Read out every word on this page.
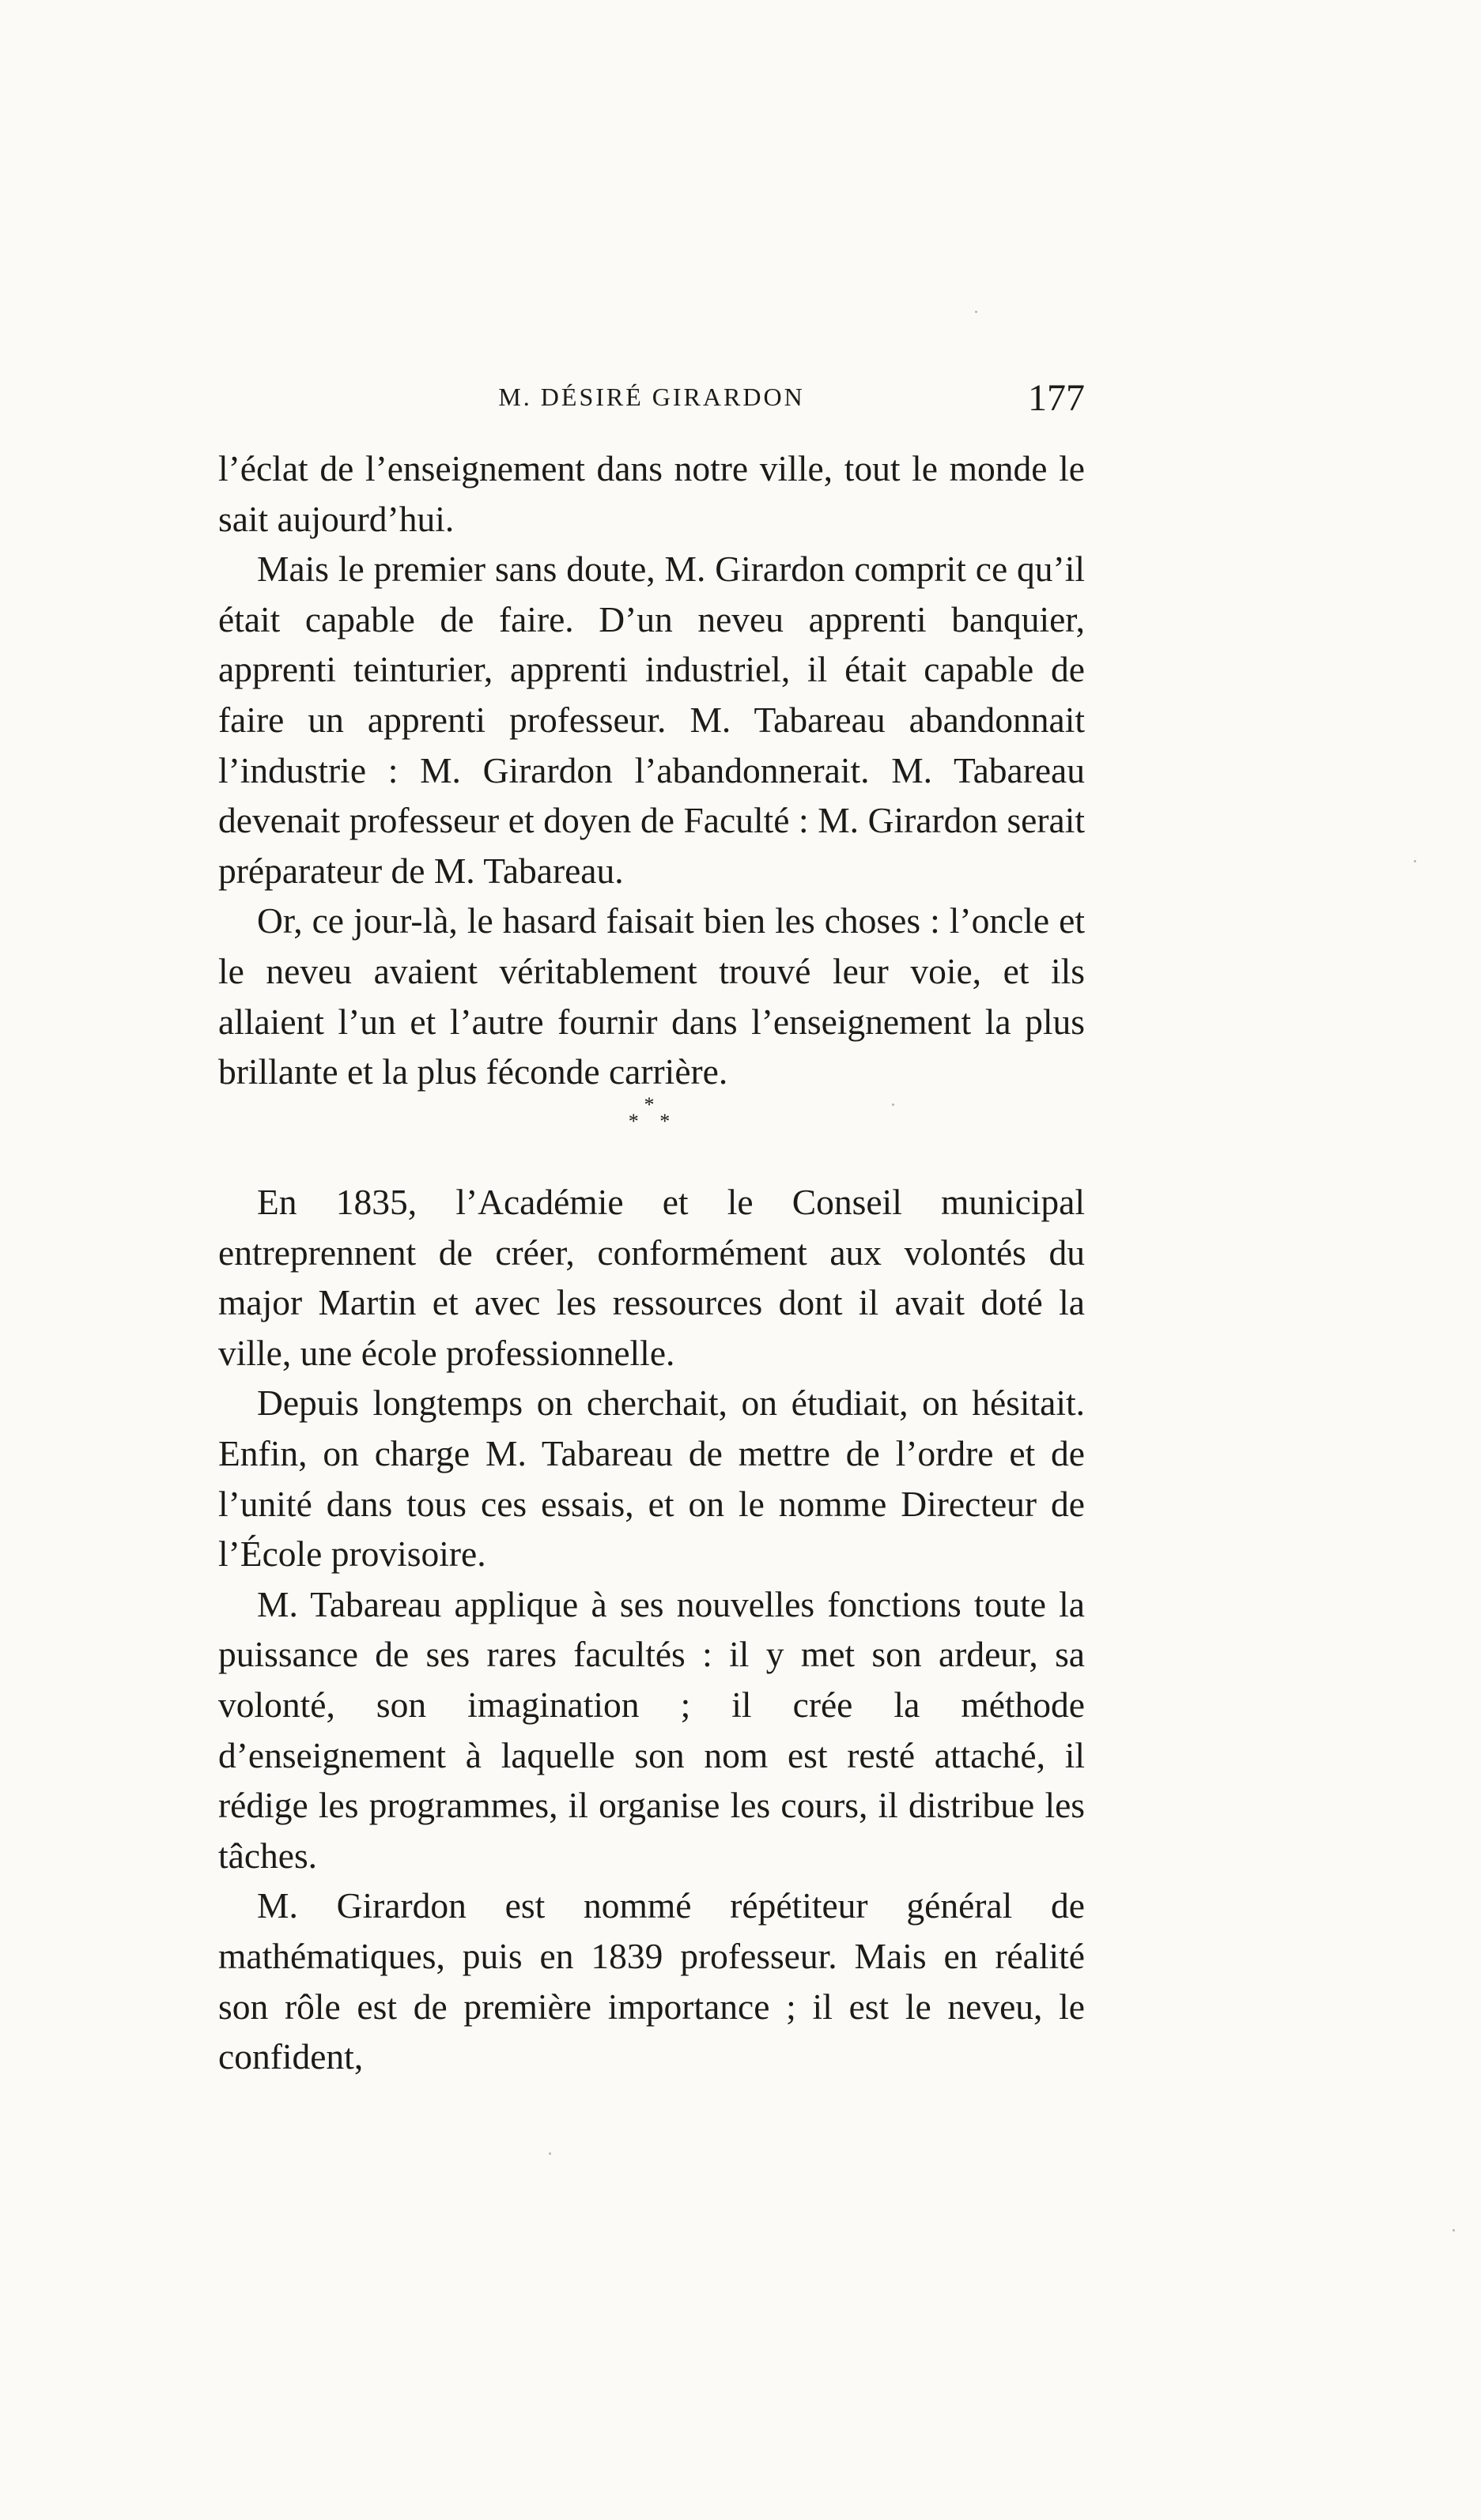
M. DÉSIRÉ GIRARDON	177

l’éclat de l’enseignement dans notre ville, tout le monde le sait aujourd’hui.

Mais le premier sans doute, M. Girardon comprit ce qu’il était capable de faire. D’un neveu apprenti banquier, apprenti teinturier, apprenti industriel, il était capable de faire un apprenti professeur. M. Tabareau abandonnait l’industrie : M. Girardon l’abandonnerait. M. Tabareau devenait professeur et doyen de Faculté : M. Girardon serait préparateur de M. Tabareau.

Or, ce jour-là, le hasard faisait bien les choses : l’oncle et le neveu avaient véritablement trouvé leur voie, et ils allaient l’un et l’autre fournir dans l’enseignement la plus brillante et la plus féconde carrière.

*
* *

En 1835, l’Académie et le Conseil municipal entreprennent de créer, conformément aux volontés du major Martin et avec les ressources dont il avait doté la ville, une école professionnelle.

Depuis longtemps on cherchait, on étudiait, on hésitait. Enfin, on charge M. Tabareau de mettre de l’ordre et de l’unité dans tous ces essais, et on le nomme Directeur de l’École provisoire.

M. Tabareau applique à ses nouvelles fonctions toute la puissance de ses rares facultés : il y met son ardeur, sa volonté, son imagination ; il crée la méthode d’enseignement à laquelle son nom est resté attaché, il rédige les programmes, il organise les cours, il distribue les tâches.

M. Girardon est nommé répétiteur général de mathématiques, puis en 1839 professeur. Mais en réalité son rôle est de première importance ; il est le neveu, le confident,
